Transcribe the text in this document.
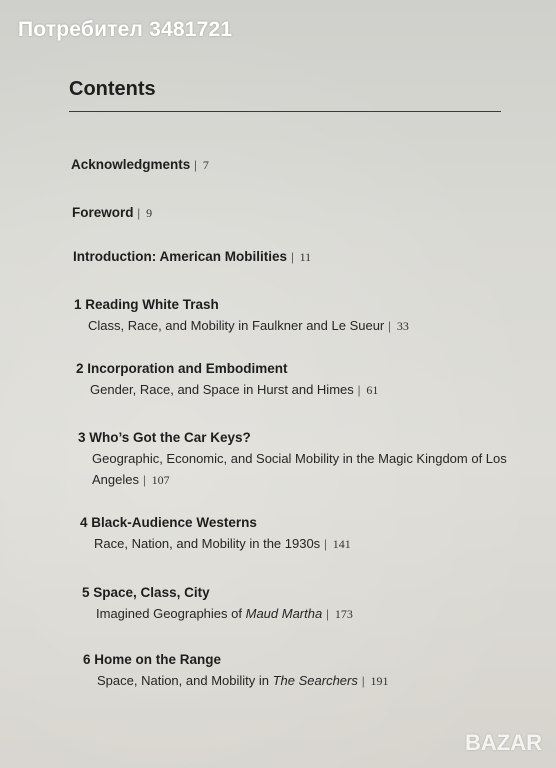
Потребител 3481721
Contents
Acknowledgments | 7
Foreword | 9
Introduction: American Mobilities | 11
1 Reading White Trash
Class, Race, and Mobility in Faulkner and Le Sueur | 33
2 Incorporation and Embodiment
Gender, Race, and Space in Hurst and Himes | 61
3 Who’s Got the Car Keys?
Geographic, Economic, and Social Mobility in the Magic Kingdom of Los Angeles | 107
4 Black-Audience Westerns
Race, Nation, and Mobility in the 1930s | 141
5 Space, Class, City
Imagined Geographies of Maud Martha | 173
6 Home on the Range
Space, Nation, and Mobility in The Searchers | 191
BAZAR
